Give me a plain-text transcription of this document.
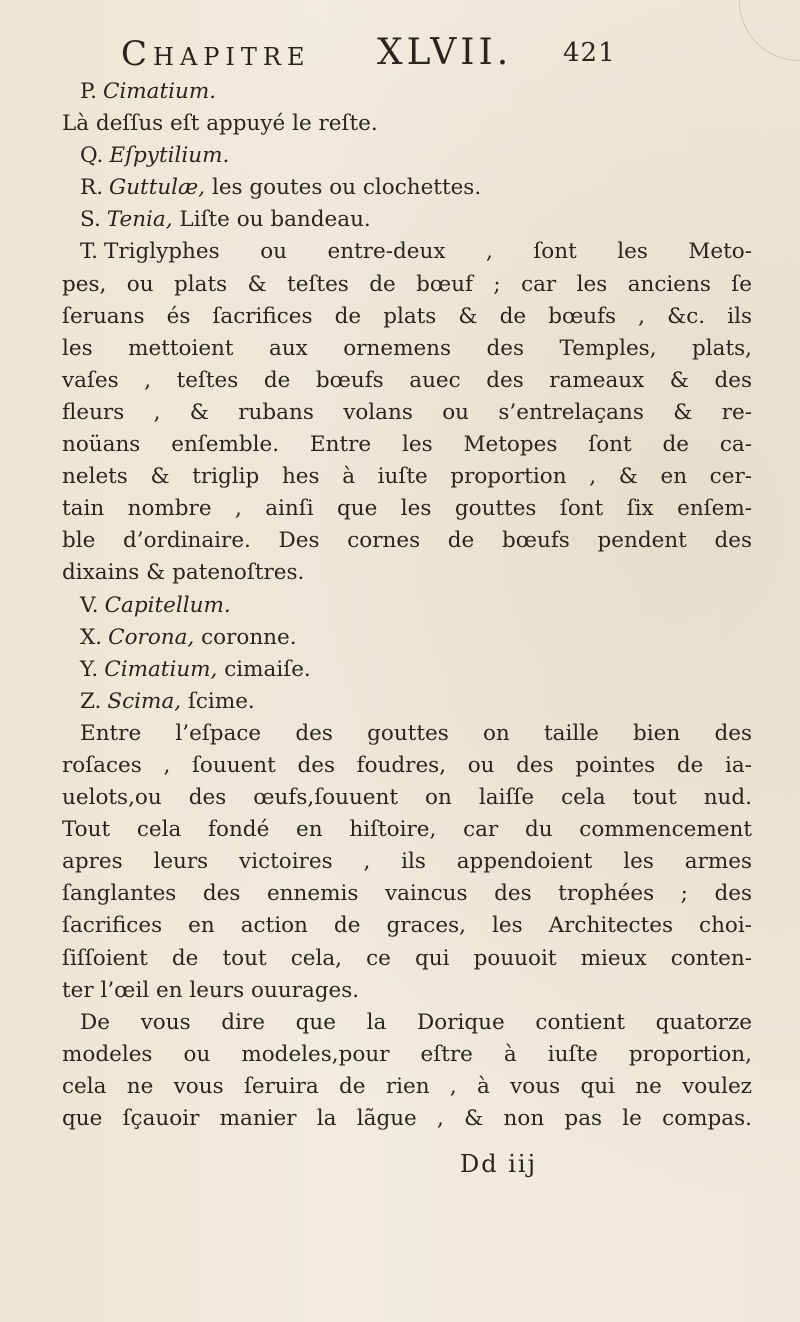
Chapitre XLVII. 421
P. Cimatium.
Là deſſus eſt appuyé le reſte.
Q. Eſpytilium.
R. Guttulæ, les goutes ou clochettes.
S. Tenia, Liſte ou bandeau.
T. Triglyphes ou entre-deux , ſont les Meto-
pes, ou plats & teſtes de bœuf ; car les anciens ſe
ſeruans és ſacrifices de plats & de bœufs , &c. ils
les mettoient aux ornemens des Temples, plats,
vaſes , teſtes de bœufs auec des rameaux & des
fleurs , & rubans volans ou s’entrelaçans & re-
noüans enſemble. Entre les Metopes ſont de ca-
nelets & triglip hes à iuſte proportion , & en cer-
tain nombre , ainſi que les gouttes ſont ſix enſem-
ble d’ordinaire. Des cornes de bœufs pendent des
dixains & patenoſtres.
V. Capitellum.
X. Corona, coronne.
Y. Cimatium, cimaiſe.
Z. Scima, ſcime.
Entre l’eſpace des gouttes on taille bien des
roſaces , ſouuent des foudres, ou des pointes de ia-
uelots,ou des œufs,ſouuent on laiſſe cela tout nud.
Tout cela fondé en hiſtoire, car du commencement
apres leurs victoires , ils appendoient les armes
ſanglantes des ennemis vaincus des trophées ; des
ſacrifices en action de graces, les Architectes choi-
ſiſſoient de tout cela, ce qui pouuoit mieux conten-
ter l’œil en leurs ouurages.
De vous dire que la Dorique contient quatorze
modeles ou modeles,pour eſtre à iuſte proportion,
cela ne vous ſeruira de rien , à vous qui ne voulez
que ſçauoir manier la lãgue , & non pas le compas.
Dd iij
